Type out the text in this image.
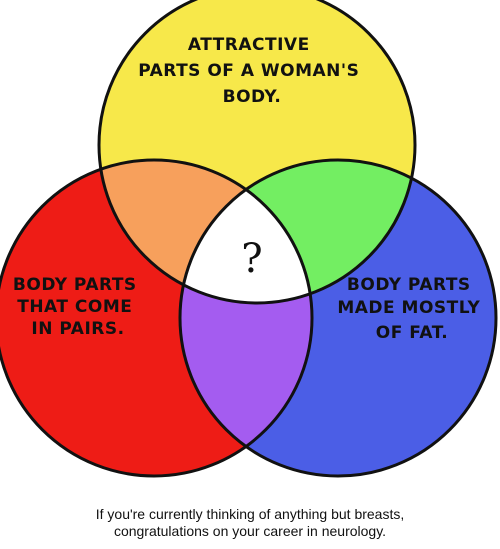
ATTRACTIVE PARTS OF A WOMAN'S BODY.
BODY PARTS THAT COME IN PAIRS.
BODY PARTS MADE MOSTLY OF FAT.
?
If you're currently thinking of anything but breasts,
congratulations on your career in neurology.
